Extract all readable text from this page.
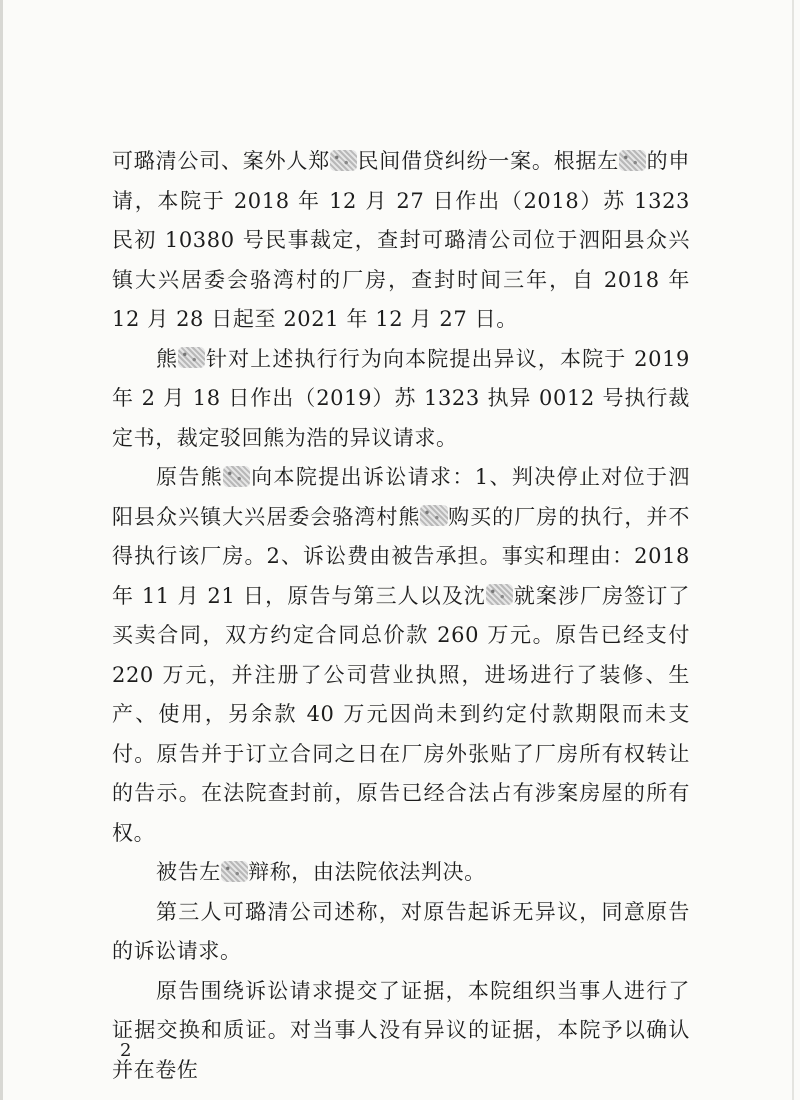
可璐清公司、案外人郑 民间借贷纠纷一案。根据左 的申请，本院于 2018 年 12 月 27 日作出（2018）苏 1323 民初 10380 号民事裁定，查封可璐清公司位于泗阳县众兴镇大兴居委会骆湾村的厂房，查封时间三年，自 2018 年 12 月 28 日起至 2021 年 12 月 27 日。

熊 针对上述执行行为向本院提出异议，本院于 2019 年 2 月 18 日作出（2019）苏 1323 执异 0012 号执行裁定书，裁定驳回熊为浩的异议请求。

原告熊 向本院提出诉讼请求：1、判决停止对位于泗阳县众兴镇大兴居委会骆湾村熊 购买的厂房的执行，并不得执行该厂房。2、诉讼费由被告承担。事实和理由：2018 年 11 月 21 日，原告与第三人以及沈 就案涉厂房签订了买卖合同，双方约定合同总价款 260 万元。原告已经支付 220 万元，并注册了公司营业执照，进场进行了装修、生产、使用，另余款 40 万元因尚未到约定付款期限而未支付。原告并于订立合同之日在厂房外张贴了厂房所有权转让的告示。在法院查封前，原告已经合法占有涉案房屋的所有权。

被告左 辩称，由法院依法判决。

第三人可璐清公司述称，对原告起诉无异议，同意原告的诉讼请求。

原告围绕诉讼请求提交了证据，本院组织当事人进行了证据交换和质证。对当事人没有异议的证据，本院予以确认并在卷佐

2
